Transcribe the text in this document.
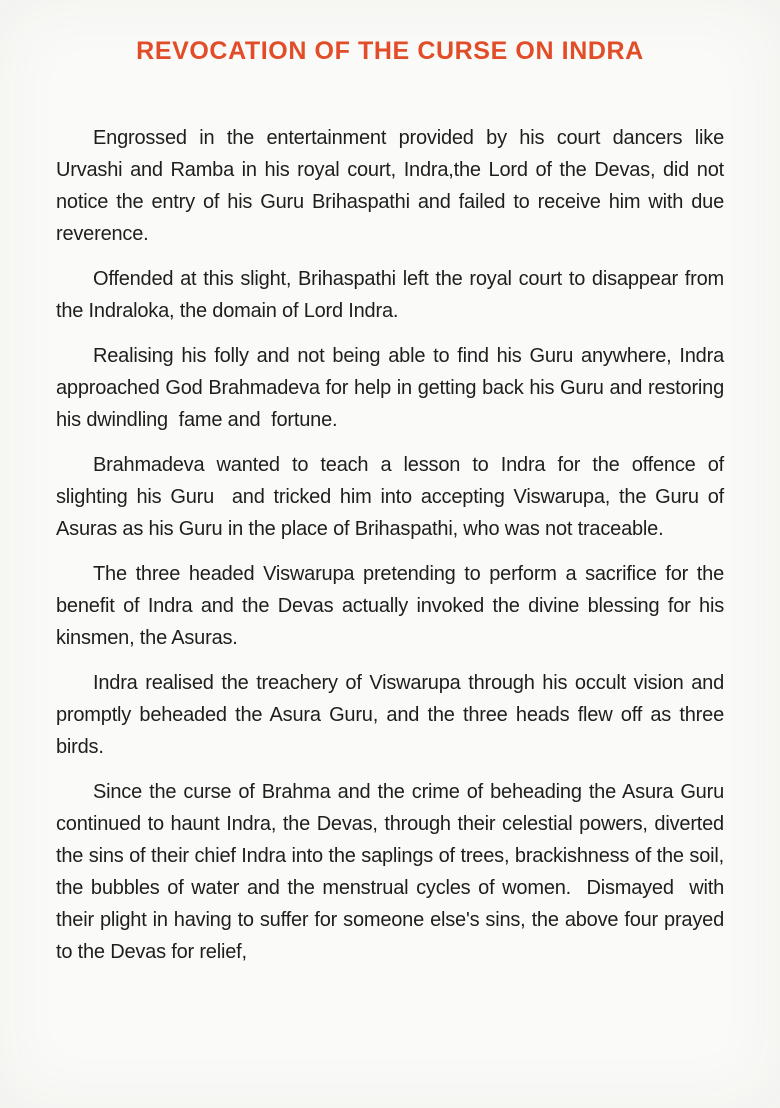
REVOCATION OF THE CURSE ON INDRA

Engrossed in the entertainment provided by his court dancers like Urvashi and Ramba in his royal court, Indra,the Lord of the Devas, did not notice the entry of his Guru Brihaspathi and failed to receive him with due reverence.

Offended at this slight, Brihaspathi left the royal court to disappear from the Indraloka, the domain of Lord Indra.

Realising his folly and not being able to find his Guru anywhere, Indra approached God Brahmadeva for help in getting back his Guru and restoring his dwindling  fame and  fortune.

Brahmadeva wanted to teach a lesson to Indra for the offence of slighting his Guru  and tricked him into accepting Viswarupa, the Guru of Asuras as his Guru in the place of Brihaspathi, who was not traceable.

The three headed Viswarupa pretending to perform a sacrifice for the benefit of Indra and the Devas actually invoked the divine blessing for his kinsmen, the Asuras.

Indra realised the treachery of Viswarupa through his occult vision and promptly beheaded the Asura Guru, and the three heads flew off as three birds.

Since the curse of Brahma and the crime of beheading the Asura Guru continued to haunt Indra, the Devas, through their celestial powers, diverted the sins of their chief Indra into the saplings of trees, brackishness of the soil, the bubbles of water and the menstrual cycles of women.  Dismayed  with their plight in having to suffer for someone else's sins, the above four prayed to the Devas for relief,
